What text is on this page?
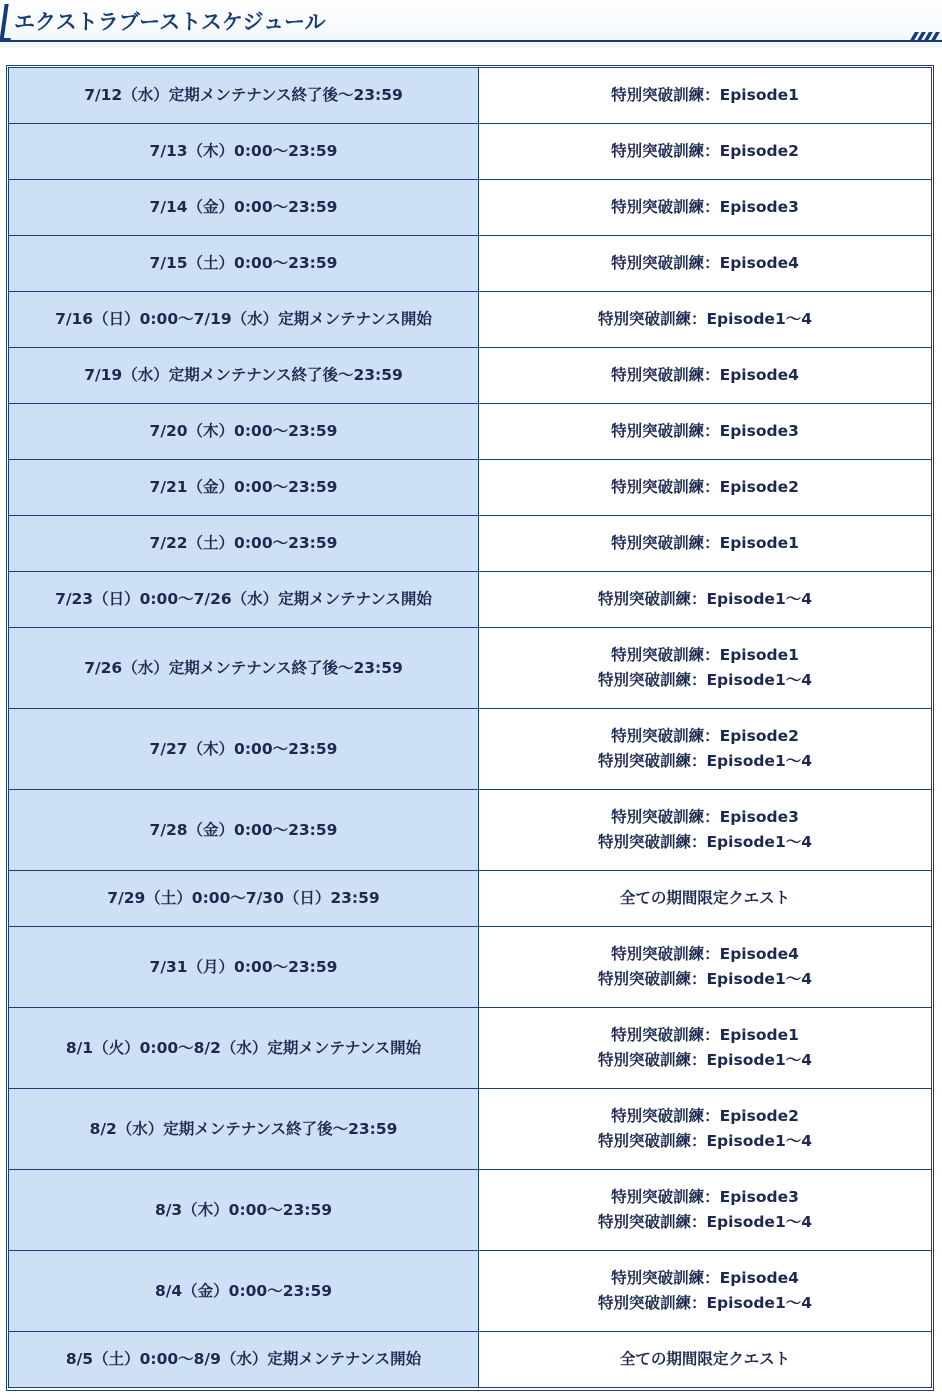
エクストラブーストスケジュール
7/12（水）定期メンテナンス終了後～23:59	特別突破訓練：Episode1

7/13（木）0:00～23:59	特別突破訓練：Episode2

7/14（金）0:00～23:59	特別突破訓練：Episode3

7/15（土）0:00～23:59	特別突破訓練：Episode4

7/16（日）0:00～7/19（水）定期メンテナンス開始	特別突破訓練：Episode1～4

7/19（水）定期メンテナンス終了後～23:59	特別突破訓練：Episode4

7/20（木）0:00～23:59	特別突破訓練：Episode3

7/21（金）0:00～23:59	特別突破訓練：Episode2

7/22（土）0:00～23:59	特別突破訓練：Episode1

7/23（日）0:00～7/26（水）定期メンテナンス開始	特別突破訓練：Episode1～4

7/26（水）定期メンテナンス終了後～23:59	特別突破訓練：Episode1
特別突破訓練：Episode1～4

7/27（木）0:00～23:59	特別突破訓練：Episode2
特別突破訓練：Episode1～4

7/28（金）0:00～23:59	特別突破訓練：Episode3
特別突破訓練：Episode1～4

7/29（土）0:00～7/30（日）23:59	全ての期間限定クエスト

7/31（月）0:00～23:59	特別突破訓練：Episode4
特別突破訓練：Episode1～4

8/1（火）0:00～8/2（水）定期メンテナンス開始	特別突破訓練：Episode1
特別突破訓練：Episode1～4

8/2（水）定期メンテナンス終了後～23:59	特別突破訓練：Episode2
特別突破訓練：Episode1～4

8/3（木）0:00～23:59	特別突破訓練：Episode3
特別突破訓練：Episode1～4

8/4（金）0:00～23:59	特別突破訓練：Episode4
特別突破訓練：Episode1～4

8/5（土）0:00～8/9（水）定期メンテナンス開始	全ての期間限定クエスト
